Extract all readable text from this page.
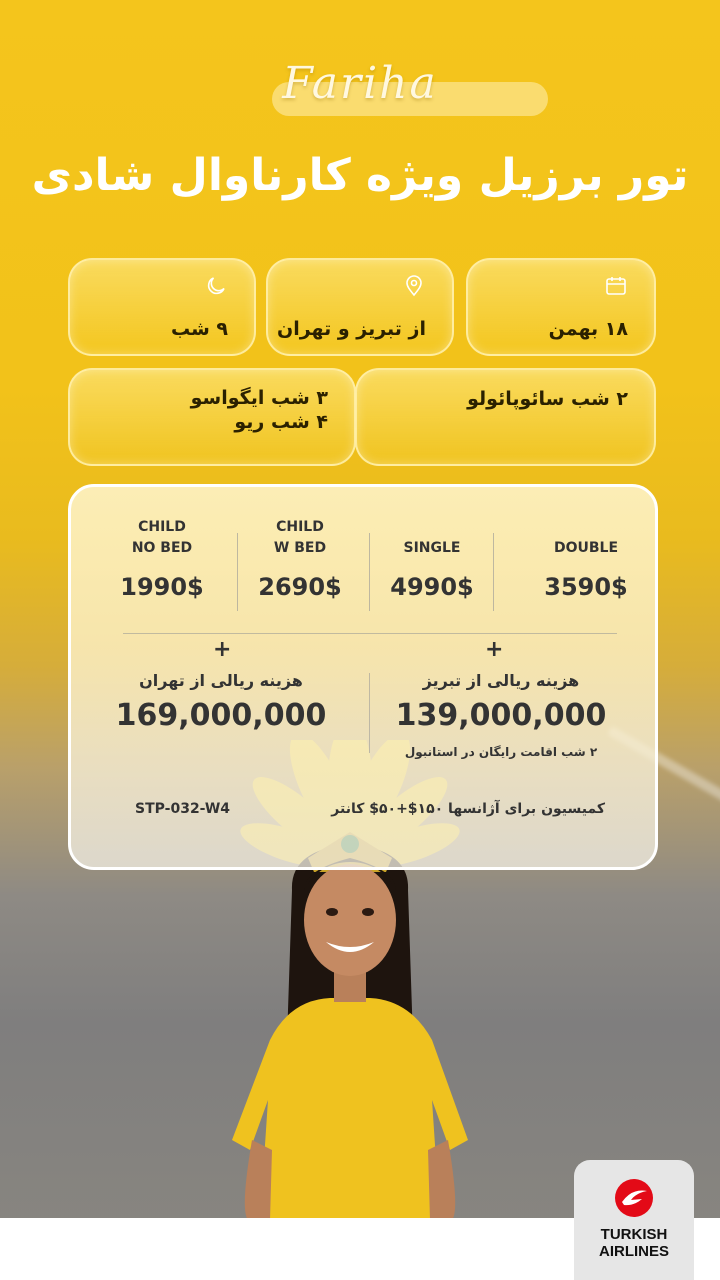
Fariha
تور برزیل ویژه کارناوال شادی
۱۸ بهمن
از تبریز و تهران
۹ شب
۲ شب سائوپائولو
۳ شب ایگواسو
۴ شب ریو
DOUBLE
3590$
SINGLE
4990$
CHILD
W BED
2690$
CHILD
NO BED
1990$
+
+
هزینه ریالی از تبریز
139,000,000
هزینه ریالی از تهران
169,000,000
۲ شب اقامت رایگان در استانبول
STP-032-W4	کمیسیون برای آژانسها ۱۵۰$+۵۰$ کانتر
TURKISH
AIRLINES
